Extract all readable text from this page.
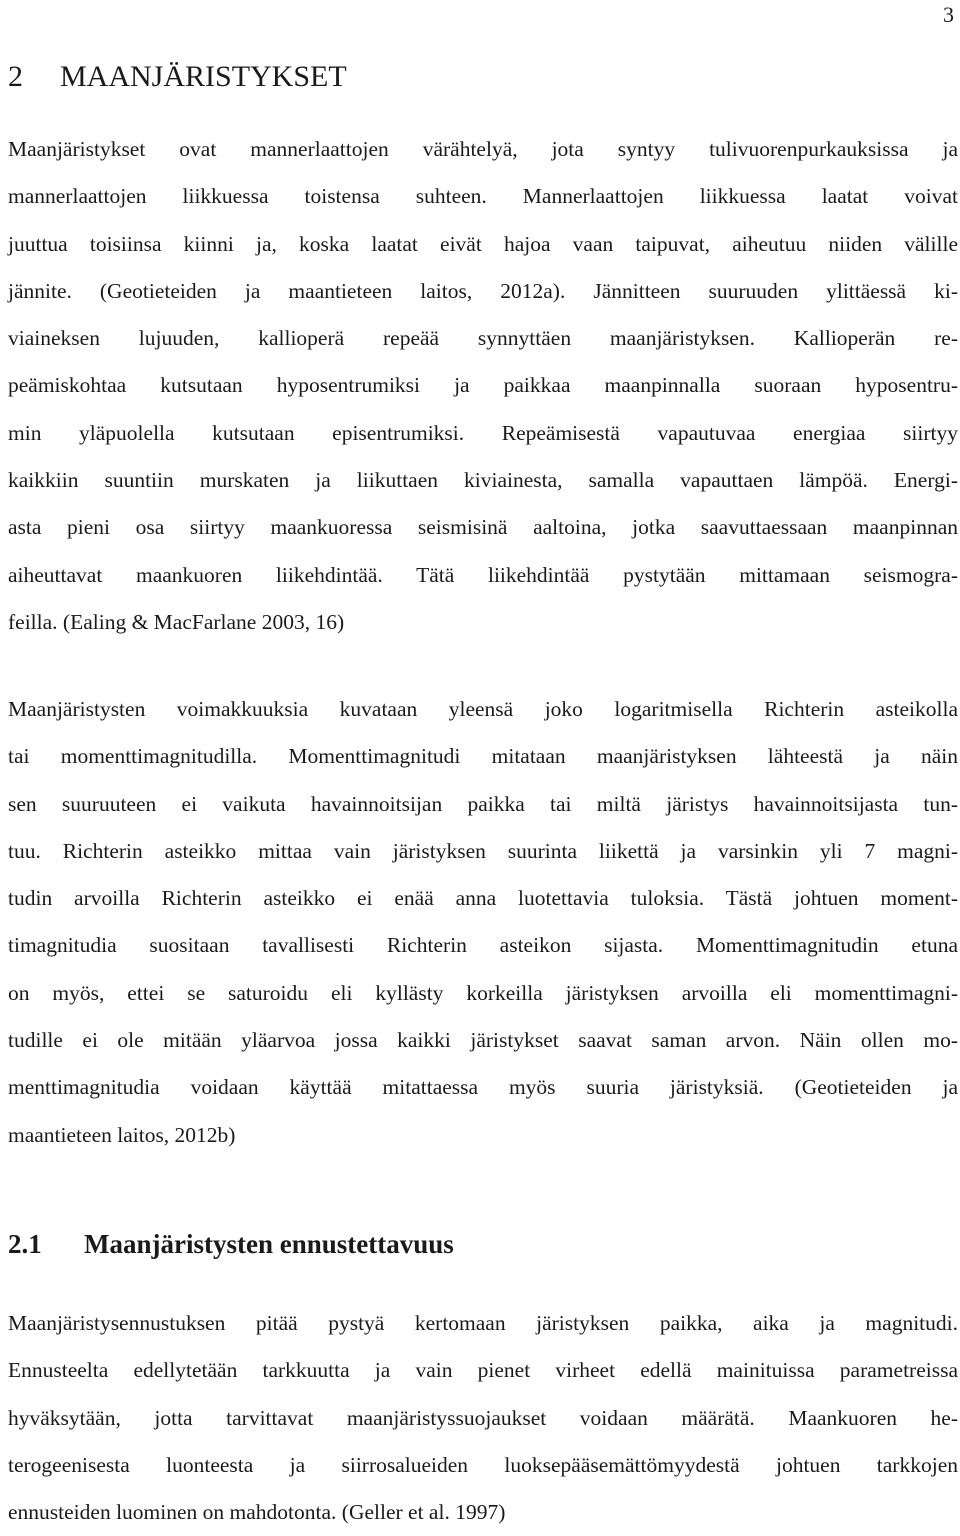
3
2 MAANJÄRISTYKSET
Maanjäristykset ovat mannerlaattojen värähtelyä, jota syntyy tulivuorenpurkauksissa ja
mannerlaattojen liikkuessa toistensa suhteen. Mannerlaattojen liikkuessa laatat voivat
juuttua toisiinsa kiinni ja, koska laatat eivät hajoa vaan taipuvat, aiheutuu niiden välille
jännite. (Geotieteiden ja maantieteen laitos, 2012a). Jännitteen suuruuden ylittäessä ki-
viaineksen lujuuden, kallioperä repeää synnyttäen maanjäristyksen. Kallioperän re-
peämiskohtaa kutsutaan hyposentrumiksi ja paikkaa maanpinnalla suoraan hyposentru-
min yläpuolella kutsutaan episentrumiksi. Repeämisestä vapautuvaa energiaa siirtyy
kaikkiin suuntiin murskaten ja liikuttaen kiviainesta, samalla vapauttaen lämpöä. Energi-
asta pieni osa siirtyy maankuoressa seismisinä aaltoina, jotka saavuttaessaan maanpinnan
aiheuttavat maankuoren liikehdintää. Tätä liikehdintää pystytään mittamaan seismogra-
feilla. (Ealing & MacFarlane 2003, 16)
Maanjäristysten voimakkuuksia kuvataan yleensä joko logaritmisella Richterin asteikolla
tai momenttimagnitudilla. Momenttimagnitudi mitataan maanjäristyksen lähteestä ja näin
sen suuruuteen ei vaikuta havainnoitsijan paikka tai miltä järistys havainnoitsijasta tun-
tuu. Richterin asteikko mittaa vain järistyksen suurinta liikettä ja varsinkin yli 7 magni-
tudin arvoilla Richterin asteikko ei enää anna luotettavia tuloksia. Tästä johtuen moment-
timagnitudia suositaan tavallisesti Richterin asteikon sijasta. Momenttimagnitudin etuna
on myös, ettei se saturoidu eli kyllästy korkeilla järistyksen arvoilla eli momenttimagni-
tudille ei ole mitään yläarvoa jossa kaikki järistykset saavat saman arvon. Näin ollen mo-
menttimagnitudia voidaan käyttää mitattaessa myös suuria järistyksiä. (Geotieteiden ja
maantieteen laitos, 2012b)
2.1 Maanjäristysten ennustettavuus
Maanjäristysennustuksen pitää pystyä kertomaan järistyksen paikka, aika ja magnitudi.
Ennusteelta edellytetään tarkkuutta ja vain pienet virheet edellä mainituissa parametreissa
hyväksytään, jotta tarvittavat maanjäristyssuojaukset voidaan määrätä. Maankuoren he-
terogeenisesta luonteesta ja siirrosalueiden luoksepääsemättömyydestä johtuen tarkkojen
ennusteiden luominen on mahdotonta. (Geller et al. 1997)
